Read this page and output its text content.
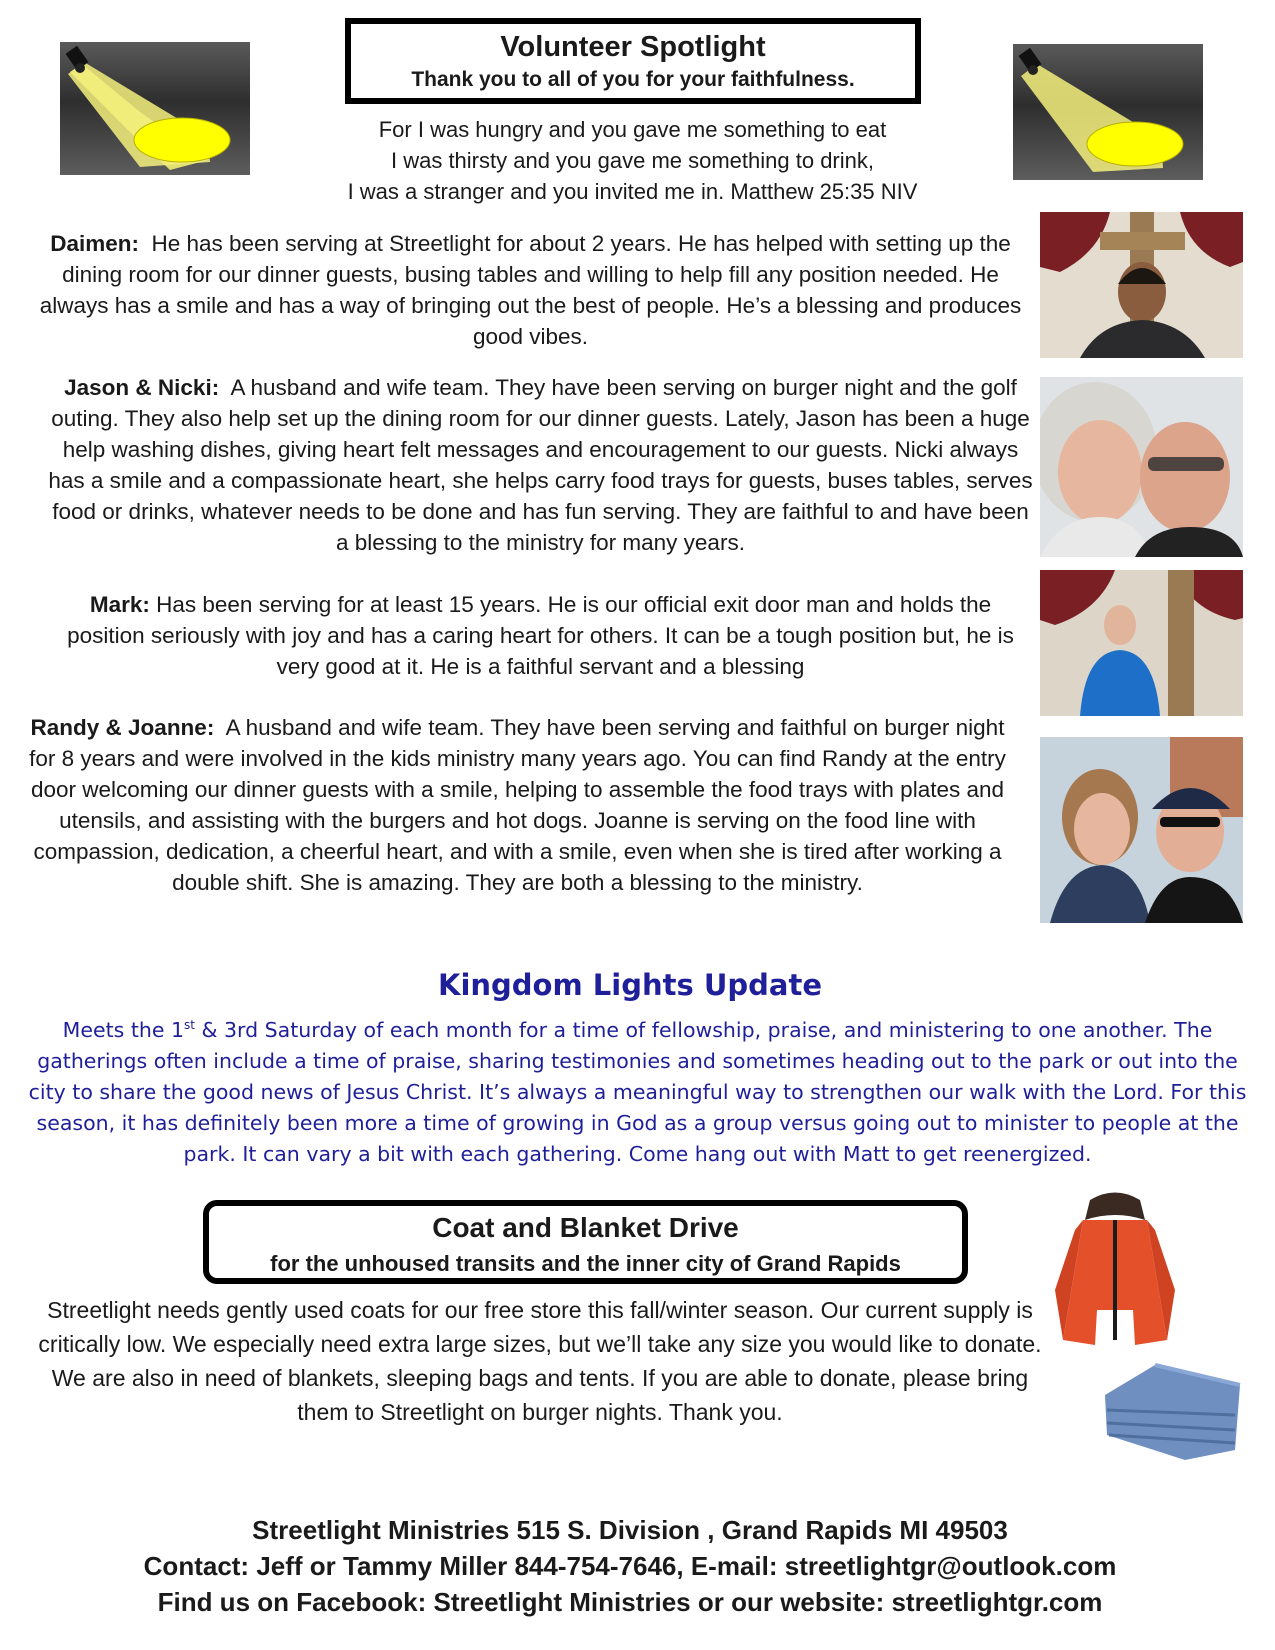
Volunteer Spotlight
Thank you to all of you for your faithfulness.
For I was hungry and you gave me something to eat
I was thirsty and you gave me something to drink,
I was a stranger and you invited me in. Matthew 25:35 NIV
Daimen: He has been serving at Streetlight for about 2 years. He has helped with setting up the dining room for our dinner guests, busing tables and willing to help fill any position needed. He always has a smile and has a way of bringing out the best of people. He’s a blessing and produces good vibes.
Jason & Nicki: A husband and wife team. They have been serving on burger night and the golf outing. They also help set up the dining room for our dinner guests. Lately, Jason has been a huge help washing dishes, giving heart felt messages and encouragement to our guests. Nicki always has a smile and a compassionate heart, she helps carry food trays for guests, buses tables, serves food or drinks, whatever needs to be done and has fun serving. They are faithful to and have been a blessing to the ministry for many years.
Mark: Has been serving for at least 15 years. He is our official exit door man and holds the position seriously with joy and has a caring heart for others. It can be a tough position but, he is very good at it. He is a faithful servant and a blessing
Randy & Joanne: A husband and wife team. They have been serving and faithful on burger night for 8 years and were involved in the kids ministry many years ago. You can find Randy at the entry door welcoming our dinner guests with a smile, helping to assemble the food trays with plates and utensils, and assisting with the burgers and hot dogs. Joanne is serving on the food line with compassion, dedication, a cheerful heart, and with a smile, even when she is tired after working a double shift. She is amazing. They are both a blessing to the ministry.
Kingdom Lights Update
Meets the 1st & 3rd Saturday of each month for a time of fellowship, praise, and ministering to one another. The gatherings often include a time of praise, sharing testimonies and sometimes heading out to the park or out into the city to share the good news of Jesus Christ. It’s always a meaningful way to strengthen our walk with the Lord. For this season, it has definitely been more a time of growing in God as a group versus going out to minister to people at the park. It can vary a bit with each gathering. Come hang out with Matt to get reenergized.
Coat and Blanket Drive
for the unhoused transits and the inner city of Grand Rapids
Streetlight needs gently used coats for our free store this fall/winter season. Our current supply is critically low. We especially need extra large sizes, but we’ll take any size you would like to donate. We are also in need of blankets, sleeping bags and tents. If you are able to donate, please bring them to Streetlight on burger nights. Thank you.
Streetlight Ministries 515 S. Division , Grand Rapids MI 49503
Contact: Jeff or Tammy Miller 844-754-7646, E-mail: streetlightgr@outlook.com
Find us on Facebook: Streetlight Ministries or our website: streetlightgr.com
